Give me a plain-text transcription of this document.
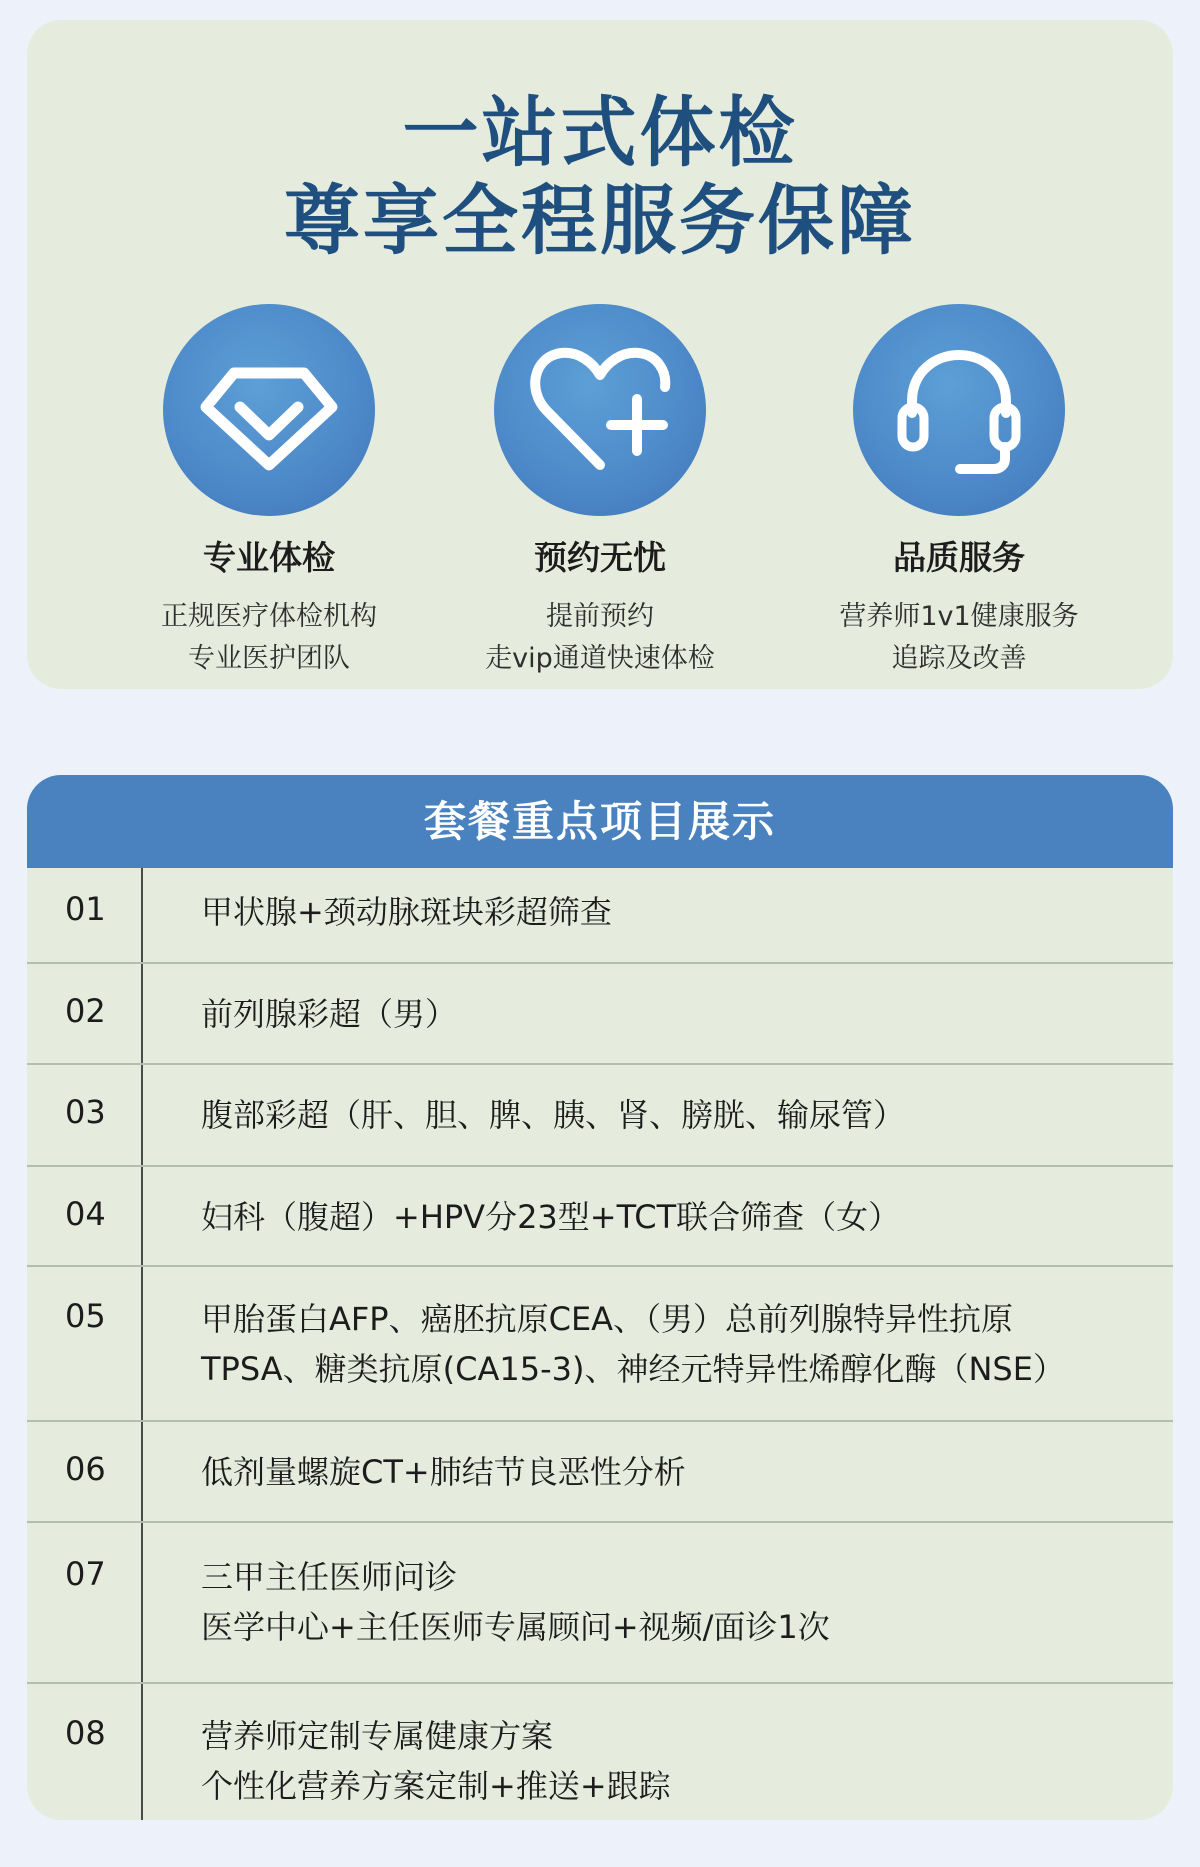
一站式体检
尊享全程服务保障
专业体检
正规医疗体检机构
专业医护团队
预约无忧
提前预约
走vip通道快速体检
品质服务
营养师1v1健康服务
追踪及改善
套餐重点项目展示
01	甲状腺+颈动脉斑块彩超筛查
02	前列腺彩超（男）
03	腹部彩超（肝、胆、脾、胰、肾、膀胱、输尿管）
04	妇科（腹超）+HPV分23型+TCT联合筛查（女）
05	甲胎蛋白AFP、癌胚抗原CEA、（男）总前列腺特异性抗原
TPSA、糖类抗原(CA15-3)、神经元特异性烯醇化酶（NSE）
06	低剂量螺旋CT+肺结节良恶性分析
07	三甲主任医师问诊
医学中心+主任医师专属顾问+视频/面诊1次
08	营养师定制专属健康方案
个性化营养方案定制+推送+跟踪
